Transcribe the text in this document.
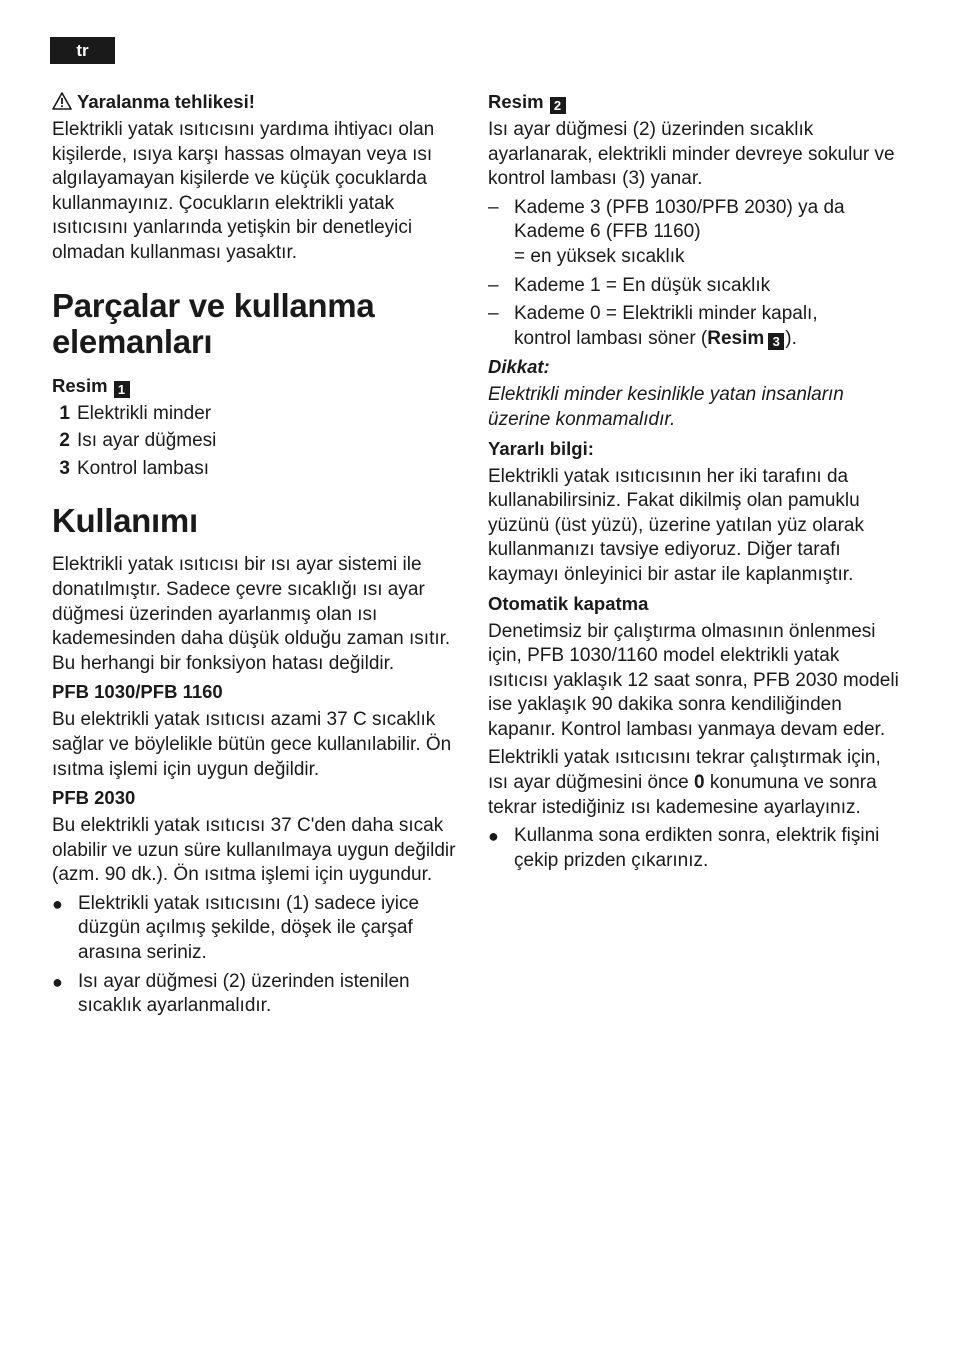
tr
Yaralanma tehlikesi!

Elektrikli yatak ısıtıcısını yardıma ihtiyacı olan kişilerde, ısıya karşı hassas olmayan veya ısı algılayamayan kişilerde ve küçük çocuklarda kullanmayınız. Çocukların elektrikli yatak ısıtıcısını yanlarında yetişkin bir denetleyici olmadan kullanması yasaktır.

Parçalar ve kullanma elemanları
Resim 1
1 Elektrikli minder
2 Isı ayar düğmesi
3 Kontrol lambası
Kullanımı

Elektrikli yatak ısıtıcısı bir ısı ayar sistemi ile donatılmıştır. Sadece çevre sıcaklığı ısı ayar düğmesi üzerinden ayarlanmış olan ısı kademesinden daha düşük olduğu zaman ısıtır. Bu herhangi bir fonksiyon hatası değildir.

PFB 1030/PFB 1160

Bu elektrikli yatak ısıtıcısı azami 37 C sıcaklık sağlar ve böylelikle bütün gece kullanılabilir. Ön ısıtma işlemi için uygun değildir.

PFB 2030

Bu elektrikli yatak ısıtıcısı 37 C'den daha sıcak olabilir ve uzun süre kullanılmaya uygun değildir (azm. 90 dk.). Ön ısıtma işlemi için uygundur.

● Elektrikli yatak ısıtıcısını (1) sadece iyice düzgün açılmış şekilde, döşek ile çarşaf arasına seriniz.
● Isı ayar düğmesi (2) üzerinden istenilen sıcaklık ayarlanmalıdır.
Resim 2

Isı ayar düğmesi (2) üzerinden sıcaklık ayarlanarak, elektrikli minder devreye sokulur ve kontrol lambası (3) yanar.

– Kademe 3 (PFB 1030/PFB 2030) ya da
Kademe 6 (FFB 1160)
= en yüksek sıcaklık
– Kademe 1 = En düşük sıcaklık
– Kademe 0 = Elektrikli minder kapalı,
kontrol lambası söner (Resim 3 ).
Dikkat:

Elektrikli minder kesinlikle yatan insanların üzerine konmamalıdır.

Yararlı bilgi:

Elektrikli yatak ısıtıcısının her iki tarafını da kullanabilirsiniz. Fakat dikilmiş olan pamuklu yüzünü (üst yüzü), üzerine yatılan yüz olarak kullanmanızı tavsiye ediyoruz. Diğer tarafı kaymayı önleyinici bir astar ile kaplanmıştır.

Otomatik kapatma

Denetimsiz bir çalıştırma olmasının önlenmesi için, PFB 1030/1160 model elektrikli yatak ısıtıcısı yaklaşık 12 saat sonra, PFB 2030 modeli ise yaklaşık 90 dakika sonra kendiliğinden kapanır. Kontrol lambası yanmaya devam eder.

Elektrikli yatak ısıtıcısını tekrar çalıştırmak için, ısı ayar düğmesini önce 0 konumuna ve sonra tekrar istediğiniz ısı kademesine ayarlayınız.

● Kullanma sona erdikten sonra, elektrik fişini çekip prizden çıkarınız.
